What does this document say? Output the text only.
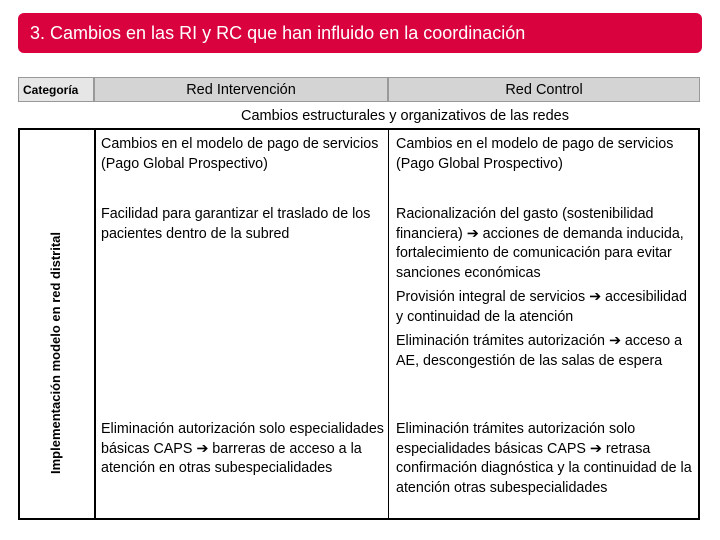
3. Cambios en las RI y RC que han influido en la coordinación
Categoría	Red Intervención	Red Control
Cambios estructurales y organizativos de las redes
Implementación modelo en red distrital
Cambios en el modelo de pago de servicios (Pago Global Prospectivo)
Facilidad para garantizar el traslado de los pacientes dentro de la subred
Eliminación autorización solo especialidades básicas CAPS ➔ barreras de acceso a la atención en otras subespecialidades
Cambios en el modelo de pago de servicios (Pago Global Prospectivo)
Racionalización del gasto (sostenibilidad financiera) ➔ acciones de demanda inducida, fortalecimiento de comunicación para evitar sanciones económicas
Provisión integral de servicios ➔ accesibilidad y continuidad de la atención
Eliminación trámites autorización ➔ acceso a AE, descongestión de las salas de espera
Eliminación trámites autorización solo especialidades básicas CAPS ➔ retrasa confirmación diagnóstica y la continuidad de la atención otras subespecialidades
